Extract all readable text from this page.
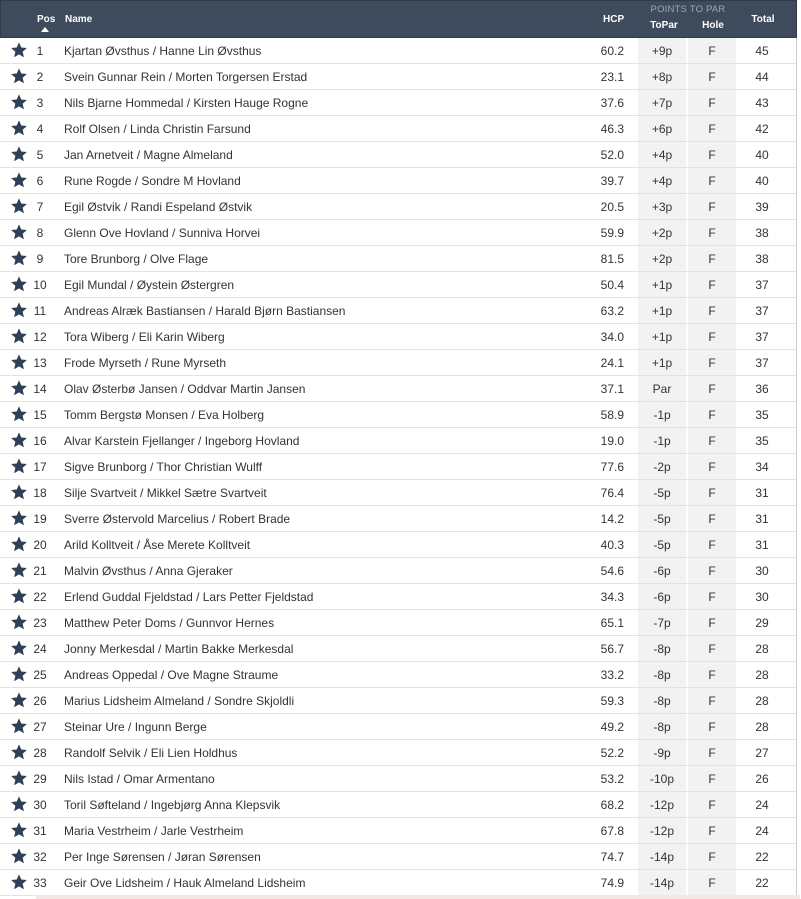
Pos Name	HCP
POINTS TO PAR
ToPar	Hole
Total
1	Kjartan Øvsthus / Hanne Lin Øvsthus	60.2	+9p	F	45
2	Svein Gunnar Rein / Morten Torgersen Erstad	23.1	+8p	F	44
3	Nils Bjarne Hommedal / Kirsten Hauge Rogne	37.6	+7p	F	43
4	Rolf Olsen / Linda Christin Farsund	46.3	+6p	F	42
5	Jan Arnetveit / Magne Almeland	52.0	+4p	F	40
6	Rune Rogde / Sondre M Hovland	39.7	+4p	F	40
7	Egil Østvik / Randi Espeland Østvik	20.5	+3p	F	39
8	Glenn Ove Hovland / Sunniva Horvei	59.9	+2p	F	38
9	Tore Brunborg / Olve Flage	81.5	+2p	F	38
10 Egil Mundal / Øystein Østergren	50.4	+1p	F	37
11	Andreas Alræk Bastiansen / Harald Bjørn Bastiansen	63.2	+1p	F	37
12 Tora Wiberg / Eli Karin Wiberg	34.0	+1p	F	37
13 Frode Myrseth / Rune Myrseth	24.1	+1p	F	37
14 Olav Østerbø Jansen / Oddvar Martin Jansen	37.1	Par	F	36
15 Tomm Bergstø Monsen / Eva Holberg	58.9	-1p	F	35
16 Alvar Karstein Fjellanger / Ingeborg Hovland	19.0	-1p	F	35
17 Sigve Brunborg / Thor Christian Wulff	77.6	-2p	F	34
18 Silje Svartveit / Mikkel Sætre Svartveit	76.4	-5p	F	31
19 Sverre Østervold Marcelius / Robert Brade	14.2	-5p	F	31
20 Arild Kolltveit / Åse Merete Kolltveit	40.3	-5p	F	31
21 Malvin Øvsthus / Anna Gjeraker	54.6	-6p	F	30
22 Erlend Guddal Fjeldstad / Lars Petter Fjeldstad	34.3	-6p	F	30
23 Matthew Peter Doms / Gunnvor Hernes	65.1	-7p	F	29
24 Jonny Merkesdal / Martin Bakke Merkesdal	56.7	-8p	F	28
25 Andreas Oppedal / Ove Magne Straume	33.2	-8p	F	28
26 Marius Lidsheim Almeland / Sondre Skjoldli	59.3	-8p	F	28
27 Steinar Ure / Ingunn Berge	49.2	-8p	F	28
28 Randolf Selvik / Eli Lien Holdhus	52.2	-9p	F	27
29 Nils Istad / Omar Armentano	53.2	-10p	F	26
30 Toril Søfteland / Ingebjørg Anna Klepsvik	68.2	-12p	F	24
31 Maria Vestrheim / Jarle Vestrheim	67.8	-12p	F	24
32 Per Inge Sørensen / Jøran Sørensen	74.7	-14p	F	22
33 Geir Ove Lidsheim / Hauk Almeland Lidsheim	74.9	-14p	F	22
